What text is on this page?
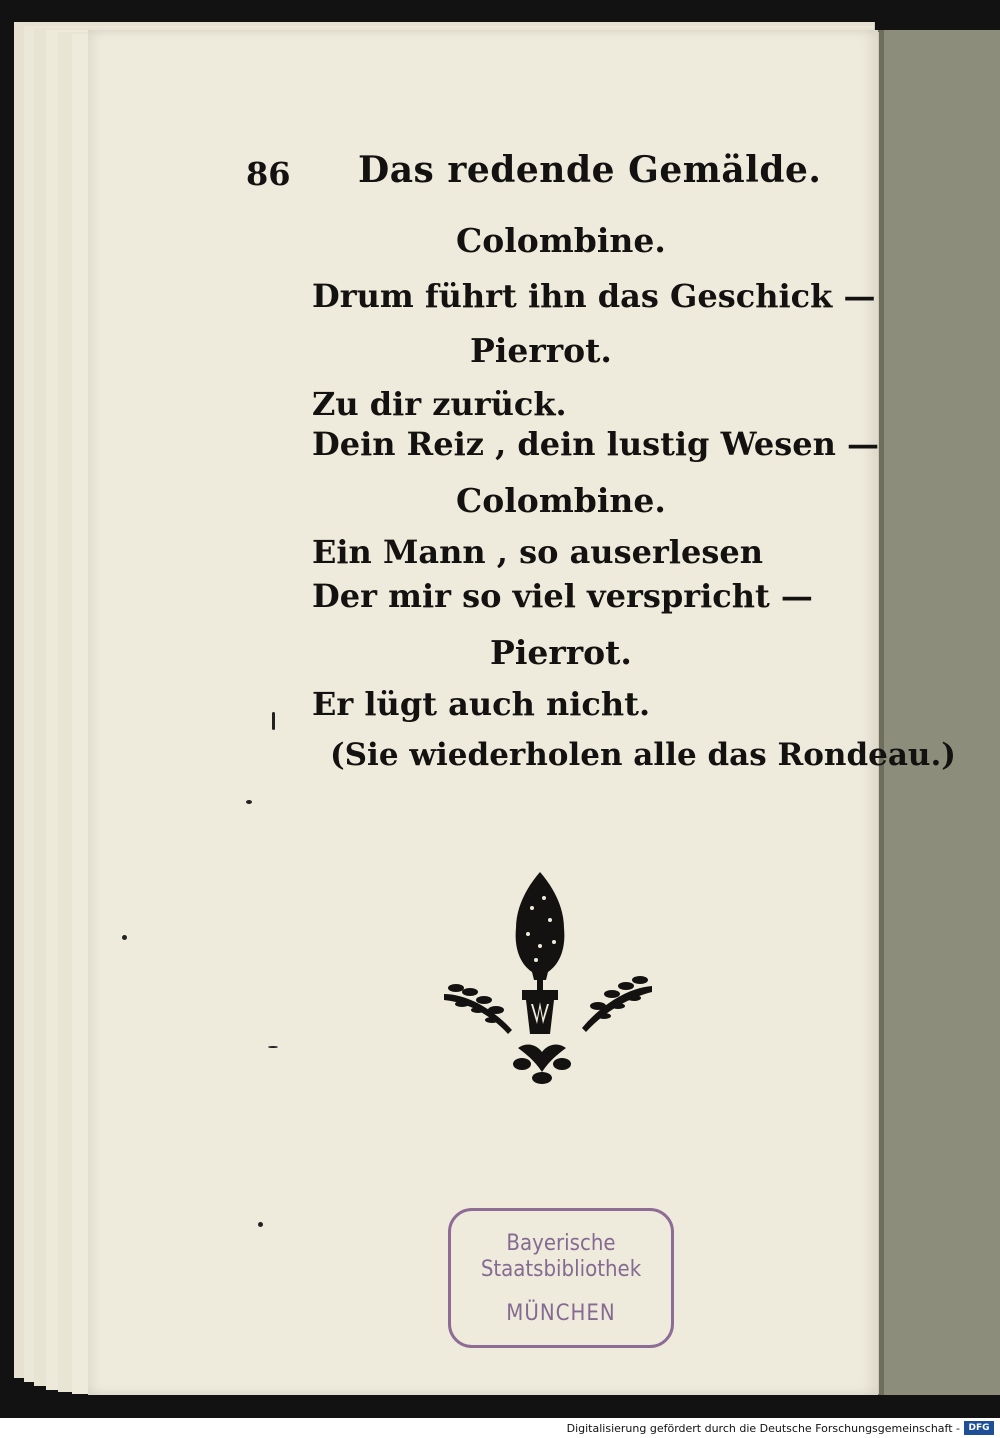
86 Das redende Gemälde.
Colombine.
Drum führt ihn das Geschick —
Pierrot.
Zu dir zurück.
Dein Reiz , dein lustig Wesen —
Colombine.
Ein Mann , so auserlesen
Der mir so viel verspricht —
Pierrot.
Er lügt auch nicht.
(Sie wiederholen alle das Rondeau.)
Bayerische
Staatsbibliothek
MÜNCHEN
Digitalisierung gefördert durch die Deutsche Forschungsgemeinschaft - DFG
